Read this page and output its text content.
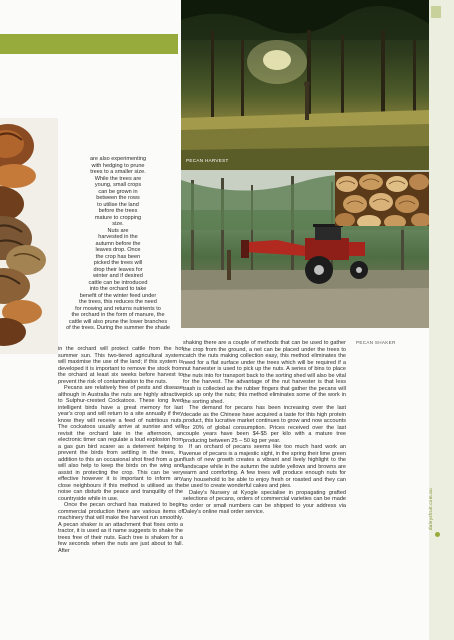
PECAN HARVEST
PECAN SHAKER
are also experimenting
with hedging to prune
trees to a smaller size.
While the trees are
young, small crops
can be grown in
between the rows
to utilise the land
before the trees
mature to cropping
size.
Nuts are
harvested in the
autumn before the
leaves drop. Once
the crop has been
picked the trees will
drop their leaves for
winter and if desired
cattle can be introduced
into the orchard to take
benefit of the winter feed under
the trees, this reduces the need
for mowing and returns nutrients to
the orchard in the form of manure, the
cattle will also prune the lower branches
of the trees. During the summer the shade

in the orchard will protect cattle from the hot summer sun. This two-tiered agricultural system will maximise the use of the land; if this system is developed it is important to remove the stock from the orchard at least six weeks before harvest to prevent the risk of contamination to the nuts.

Pecans are relatively free of pests and disease although in Australia the nuts are highly attractive to Sulphur-crested Cockatoos. These long lived intelligent birds have a great memory for last year's crop and will return to a site annually if they know they will receive a feed of nutritious nuts. The cockatoos usually arrive at sunrise and will revisit the orchard late in the afternoon, an electronic timer can regulate a loud explosion from a gas gun bird scarer as a deterrent helping to prevent the birds from settling in the trees, in addition to this an occasional shot fired from a gun will also help to keep the birds on the wing and assist in protecting the crop. This can be very effective however it is important to inform any close neighbours if this method is utilised as the noise can disturb the peace and tranquility of the countryside while in use.

Once the pecan orchard has matured to begin commercial production there are various items of machinery that will make the harvest run smoothly. A pecan shaker is an attachment that fixes onto a tractor, it is used as it name suggests to shake the trees free of their nuts. Each tree is shaken for a few seconds when the nuts are just about to fall. After

shaking there are a couple of methods that can be used to gather the crop from the ground, a net can be placed under the trees to catch the nuts making collection easy, this method eliminates the need for a flat surface under the trees which will be required if a nut harvester is used to pick up the nuts. A series of bins to place the nuts into for transport back to the sorting shed will also be vital for the harvest. The advantage of the nut harvester is that less trash is collected as the rubber fingers that gather the pecans will pick up only the nuts; this method eliminates some of the work in the sorting shed.

The demand for pecans has been increasing over the last decade as the Chinese have acquired a taste for this high protein product, this lucrative market continues to grow and now accounts for 20% of global consumption. Prices received over the last couple years have been $4-$5 per kilo with a mature tree producing between 25 – 50 kg per year.

If an orchard of pecans seems like too much hard work an avenue of pecans is a majestic sight, in the spring their lime green flush of new growth creates a vibrant and lively highlight to the landscape while in the autumn the subtle yellows and browns are warm and comforting. A few trees will produce enough nuts for any household to be able to enjoy fresh or roasted and they can be used to create wonderful cakes and pies.

Daley's Nursery at Kyogle specialise in propagating grafted selections of pecans, orders of commercial varieties can be made to order or small numbers can be shipped to your address via Daley's online mail order service.	daleysfruit.com.au
